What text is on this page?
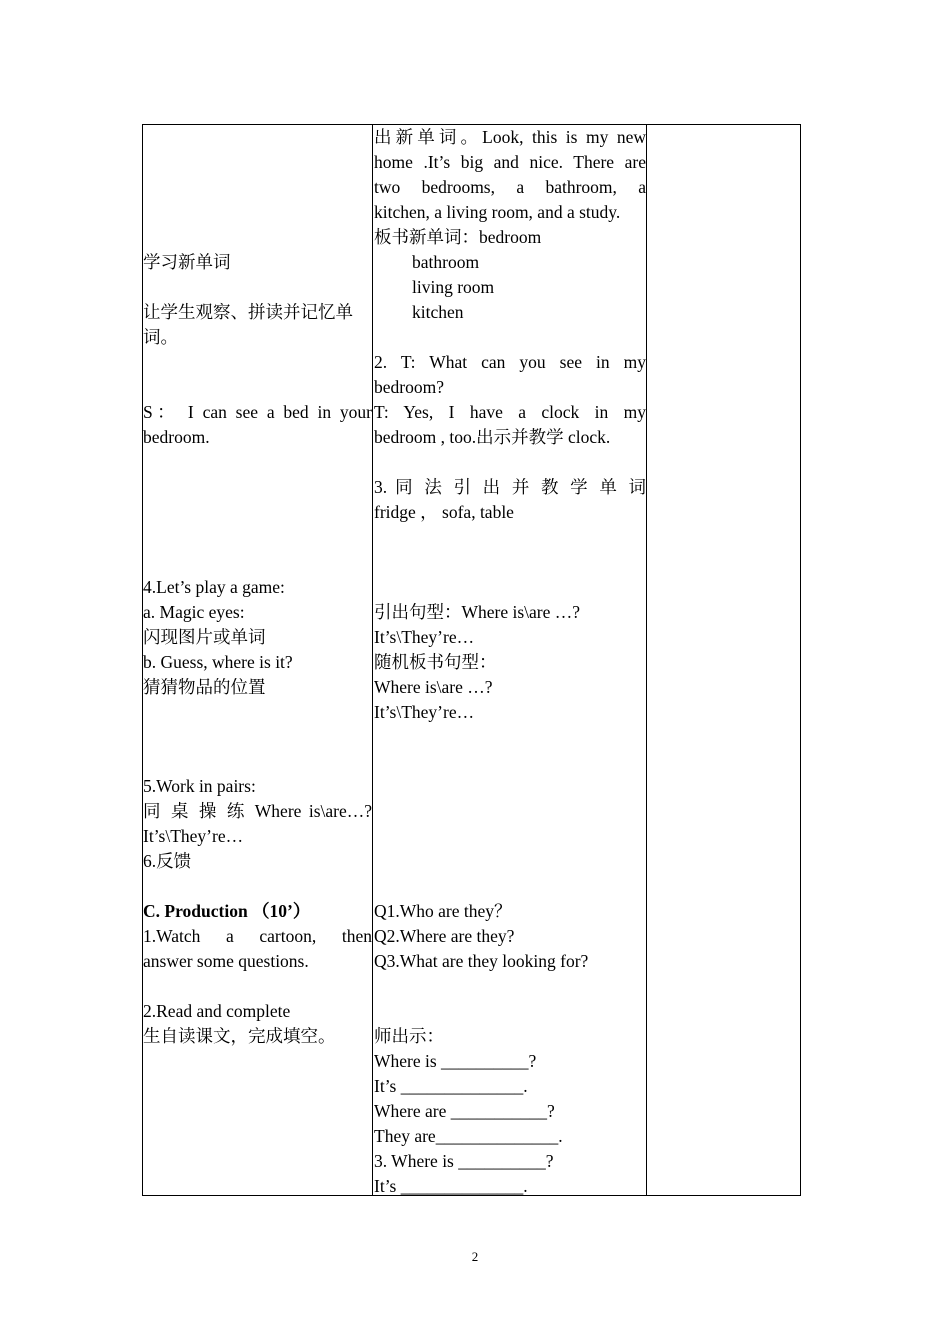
学习新单词
让学生观察、拼读并记忆单
词。
S： I can see a bed in your
bedroom.
4.Let’s play a game:
a. Magic eyes:
闪现图片或单词
b. Guess, where is it?
猜猜物品的位置
5.Work in pairs:
同 桌 操 练 Where is\are…?
It’s\They’re…
6.反馈
C. Production （10’）
1.Watch a cartoon, then
answer some questions.
2.Read and complete
生自读课文，完成填空。
出新单词。Look, this is my new
home .It’s big and nice. There are
two bedrooms, a bathroom, a
kitchen, a living room, and a study.
板书新单词：bedroom
bathroom
living room
kitchen
2. T: What can you see in my
bedroom?
T: Yes, I have a clock in my
bedroom , too.出示并教学 clock.
3. 同 法 引 出 并 教 学 单 词
fridge ， sofa, table
引出句型：Where is\are …?
It’s\They’re…
随机板书句型：
Where is\are …?
It’s\They’re…
Q1.Who are they？
Q2.Where are they?
Q3.What are they looking for?
师出示：
Where is __________?
It’s ______________.
Where are ___________?
They are______________.
3. Where is __________?
It’s ______________.
2
